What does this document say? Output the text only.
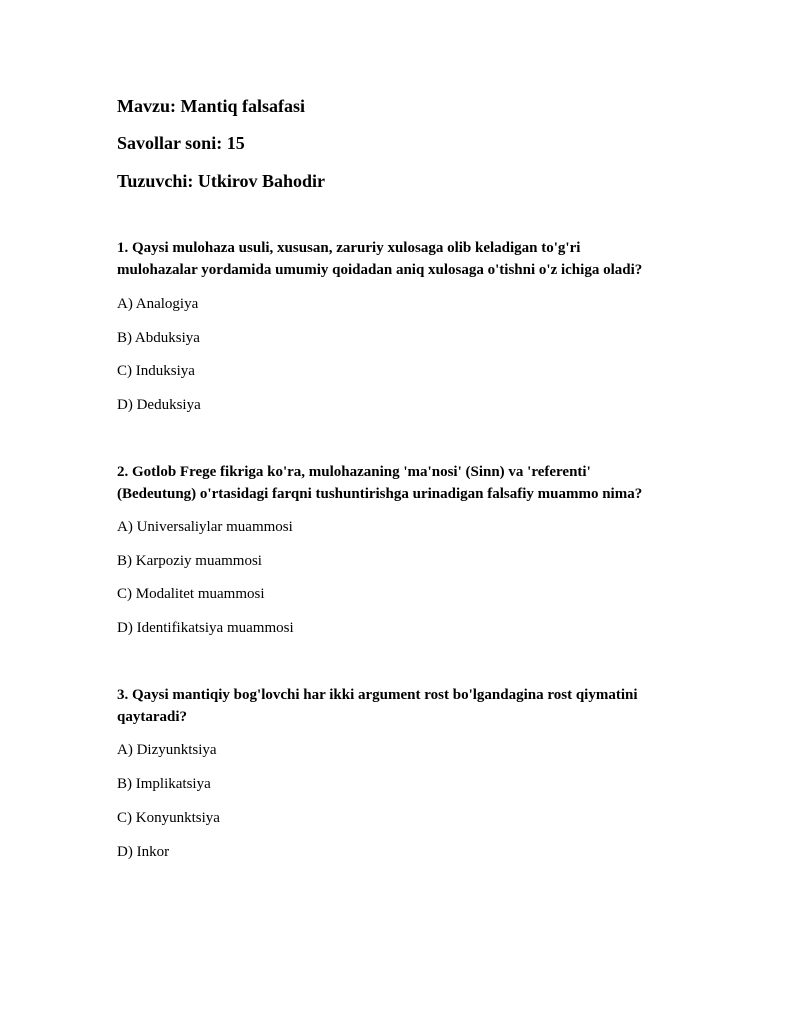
Mavzu: Mantiq falsafasi
Savollar soni: 15
Tuzuvchi: Utkirov Bahodir

1. Qaysi mulohaza usuli, xususan, zaruriy xulosaga olib keladigan to'g'ri
mulohazalar yordamida umumiy qoidadan aniq xulosaga o'tishni o'z ichiga oladi?

A) Analogiya
B) Abduksiya
C) Induksiya
D) Deduksiya

2. Gotlob Frege fikriga ko'ra, mulohazaning 'ma'nosi' (Sinn) va 'referenti'
(Bedeutung) o'rtasidagi farqni tushuntirishga urinadigan falsafiy muammo nima?

A) Universaliylar muammosi
B) Karpoziy muammosi
C) Modalitet muammosi
D) Identifikatsiya muammosi

3. Qaysi mantiqiy bog'lovchi har ikki argument rost bo'lgandagina rost qiymatini
qaytaradi?

A) Dizyunktsiya
B) Implikatsiya
C) Konyunktsiya
D) Inkor
